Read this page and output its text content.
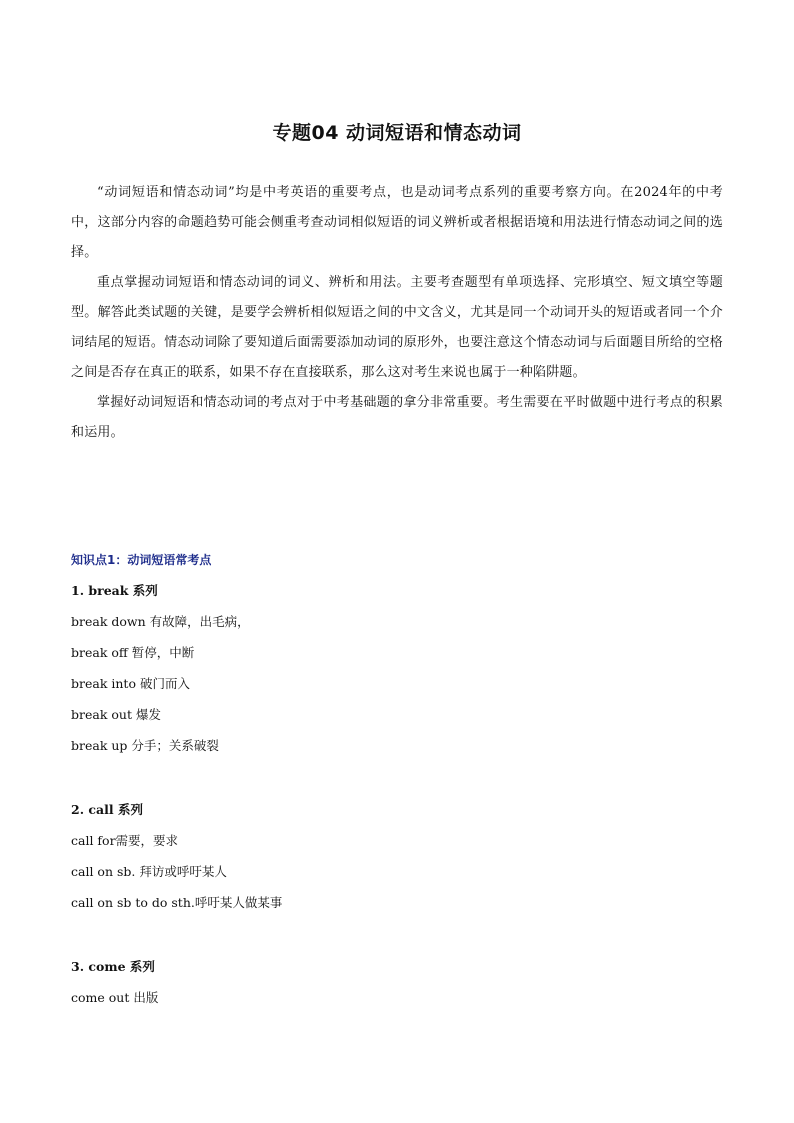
专题04 动词短语和情态动词

“动词短语和情态动词”均是中考英语的重要考点，也是动词考点系列的重要考察方向。在2024年的中考中，这部分内容的命题趋势可能会侧重考查动词相似短语的词义辨析或者根据语境和用法进行情态动词之间的选择。

重点掌握动词短语和情态动词的词义、辨析和用法。主要考查题型有单项选择、完形填空、短文填空等题型。解答此类试题的关键，是要学会辨析相似短语之间的中文含义，尤其是同一个动词开头的短语或者同一个介词结尾的短语。情态动词除了要知道后面需要添加动词的原形外，也要注意这个情态动词与后面题目所给的空格之间是否存在真正的联系，如果不存在直接联系，那么这对考生来说也属于一种陷阱题。

掌握好动词短语和情态动词的考点对于中考基础题的拿分非常重要。考生需要在平时做题中进行考点的积累和运用。

知识点1：动词短语常考点
1. break 系列
break down 有故障，出毛病，
break off 暂停，中断
break into 破门而入
break out 爆发
break up 分手；关系破裂
2. call 系列
call for需要，要求
call on sb. 拜访或呼吁某人
call on sb to do sth.呼吁某人做某事
3. come 系列
come out 出版
